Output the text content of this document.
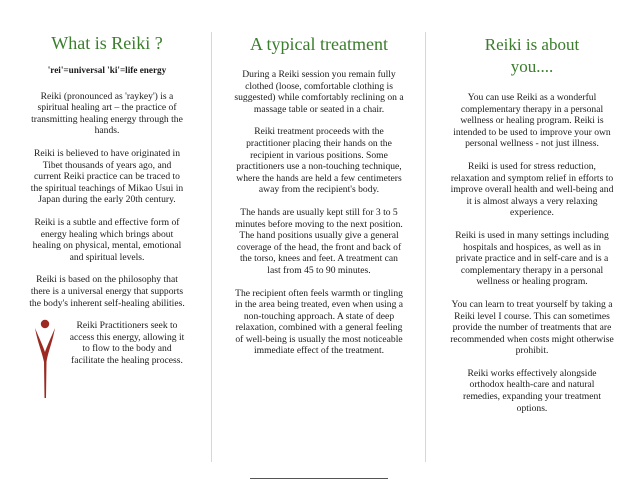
What is Reiki ?

'rei'=universal 'ki'=life energy

Reiki (pronounced as 'raykey') is a spiritual healing art – the practice of transmitting healing energy through the hands.

Reiki is believed to have originated in Tibet thousands of years ago, and current Reiki practice can be traced to the spiritual teachings of Mikao Usui in Japan during the early 20th century.

Reiki is a subtle and effective form of energy healing which brings about healing on physical, mental, emotional and spiritual levels.

Reiki is based on the philosophy that there is a universal energy that supports the body's inherent self-healing abilities.

Reiki Practitioners seek to access this energy, allowing it to flow to the body and facilitate the healing process.

A typical treatment

During a Reiki session you remain fully clothed (loose, comfortable clothing is suggested) while comfortably reclining on a massage table or seated in a chair.

Reiki treatment proceeds with the practitioner placing their hands on the recipient in various positions. Some practitioners use a non-touching technique, where the hands are held a few centimeters away from the recipient's body.

The hands are usually kept still for 3 to 5 minutes before moving to the next position. The hand positions usually give a general coverage of the head, the front and back of the torso, knees and feet. A treatment can last from 45 to 90 minutes.

The recipient often feels warmth or tingling in the area being treated, even when using a non-touching approach. A state of deep relaxation, combined with a general feeling of well-being is usually the most noticeable immediate effect of the treatment.

Reiki is about
you....

You can use Reiki as a wonderful complementary therapy in a personal wellness or healing program. Reiki is intended to be used to improve your own personal wellness - not just illness.

Reiki is used for stress reduction, relaxation and symptom relief in efforts to improve overall health and well-being and it is almost always a very relaxing experience.

Reiki is used in many settings including hospitals and hospices, as well as in private practice and in self-care and is a complementary therapy in a personal wellness or healing program.

You can learn to treat yourself by taking a Reiki level I course. This can sometimes provide the number of treatments that are recommended when costs might otherwise prohibit.

Reiki works effectively alongside orthodox health-care and natural remedies, expanding your treatment options.
